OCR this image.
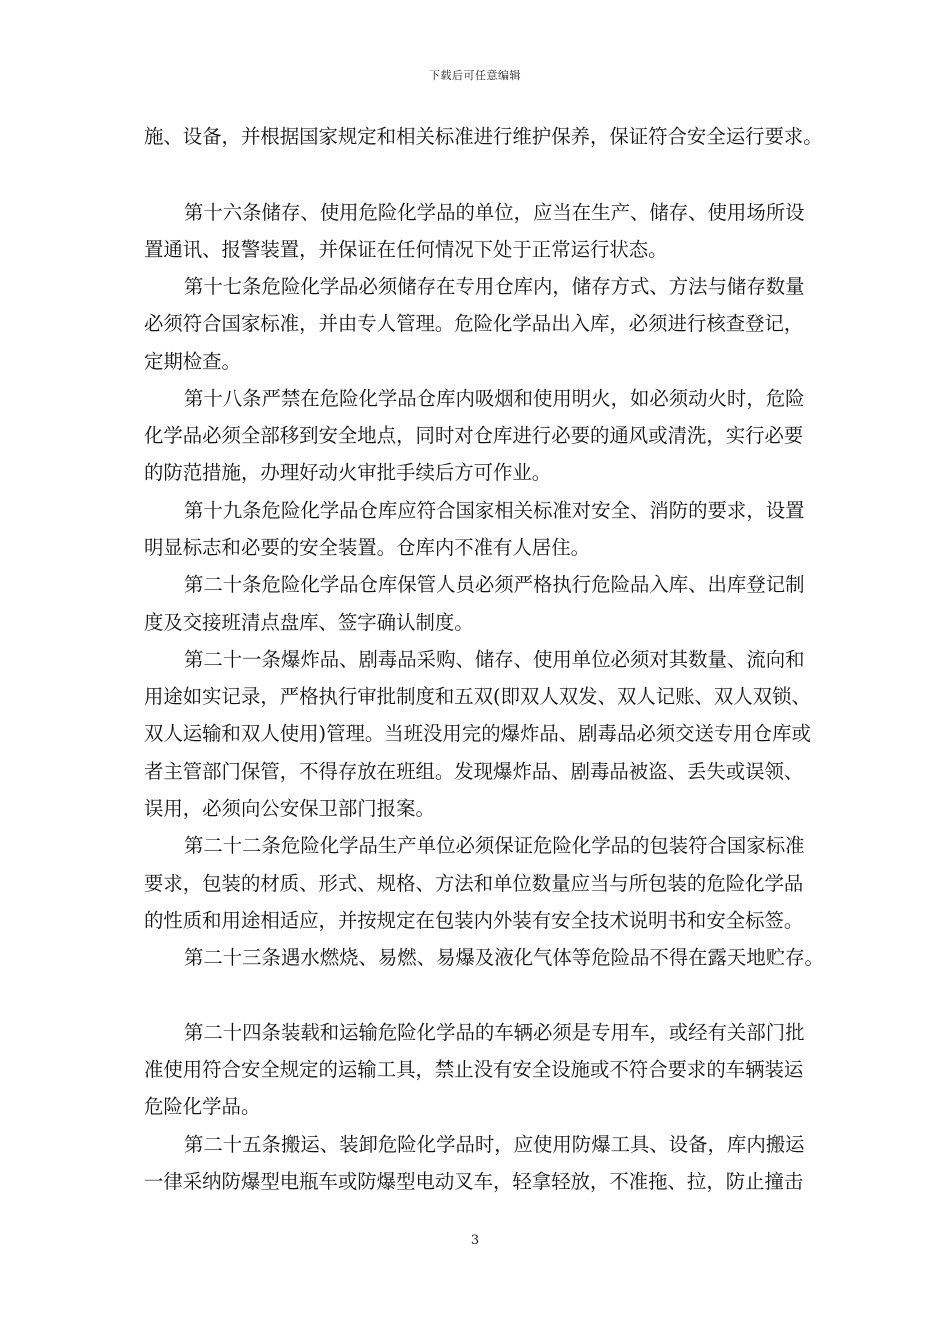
下载后可任意编辑
施、设备，并根据国家规定和相关标准进行维护保养，保证符合安全运行要求。
第十六条储存、使用危险化学品的单位，应当在生产、储存、使用场所设
置通讯、报警装置，并保证在任何情况下处于正常运行状态。
第十七条危险化学品必须储存在专用仓库内，储存方式、方法与储存数量
必须符合国家标准，并由专人管理。危险化学品出入库，必须进行核查登记，
定期检查。
第十八条严禁在危险化学品仓库内吸烟和使用明火，如必须动火时，危险
化学品必须全部移到安全地点，同时对仓库进行必要的通风或清洗，实行必要
的防范措施，办理好动火审批手续后方可作业。
第十九条危险化学品仓库应符合国家相关标准对安全、消防的要求，设置
明显标志和必要的安全装置。仓库内不准有人居住。
第二十条危险化学品仓库保管人员必须严格执行危险品入库、出库登记制
度及交接班清点盘库、签字确认制度。
第二十一条爆炸品、剧毒品采购、储存、使用单位必须对其数量、流向和
用途如实记录，严格执行审批制度和五双(即双人双发、双人记账、双人双锁、
双人运输和双人使用)管理。当班没用完的爆炸品、剧毒品必须交送专用仓库或
者主管部门保管，不得存放在班组。发现爆炸品、剧毒品被盗、丢失或误领、
误用，必须向公安保卫部门报案。
第二十二条危险化学品生产单位必须保证危险化学品的包装符合国家标准
要求，包装的材质、形式、规格、方法和单位数量应当与所包装的危险化学品
的性质和用途相适应，并按规定在包装内外装有安全技术说明书和安全标签。
第二十三条遇水燃烧、易燃、易爆及液化气体等危险品不得在露天地贮存。
第二十四条装载和运输危险化学品的车辆必须是专用车，或经有关部门批
准使用符合安全规定的运输工具，禁止没有安全设施或不符合要求的车辆装运
危险化学品。
第二十五条搬运、装卸危险化学品时，应使用防爆工具、设备，库内搬运
一律采纳防爆型电瓶车或防爆型电动叉车，轻拿轻放，不准拖、拉，防止撞击
3
